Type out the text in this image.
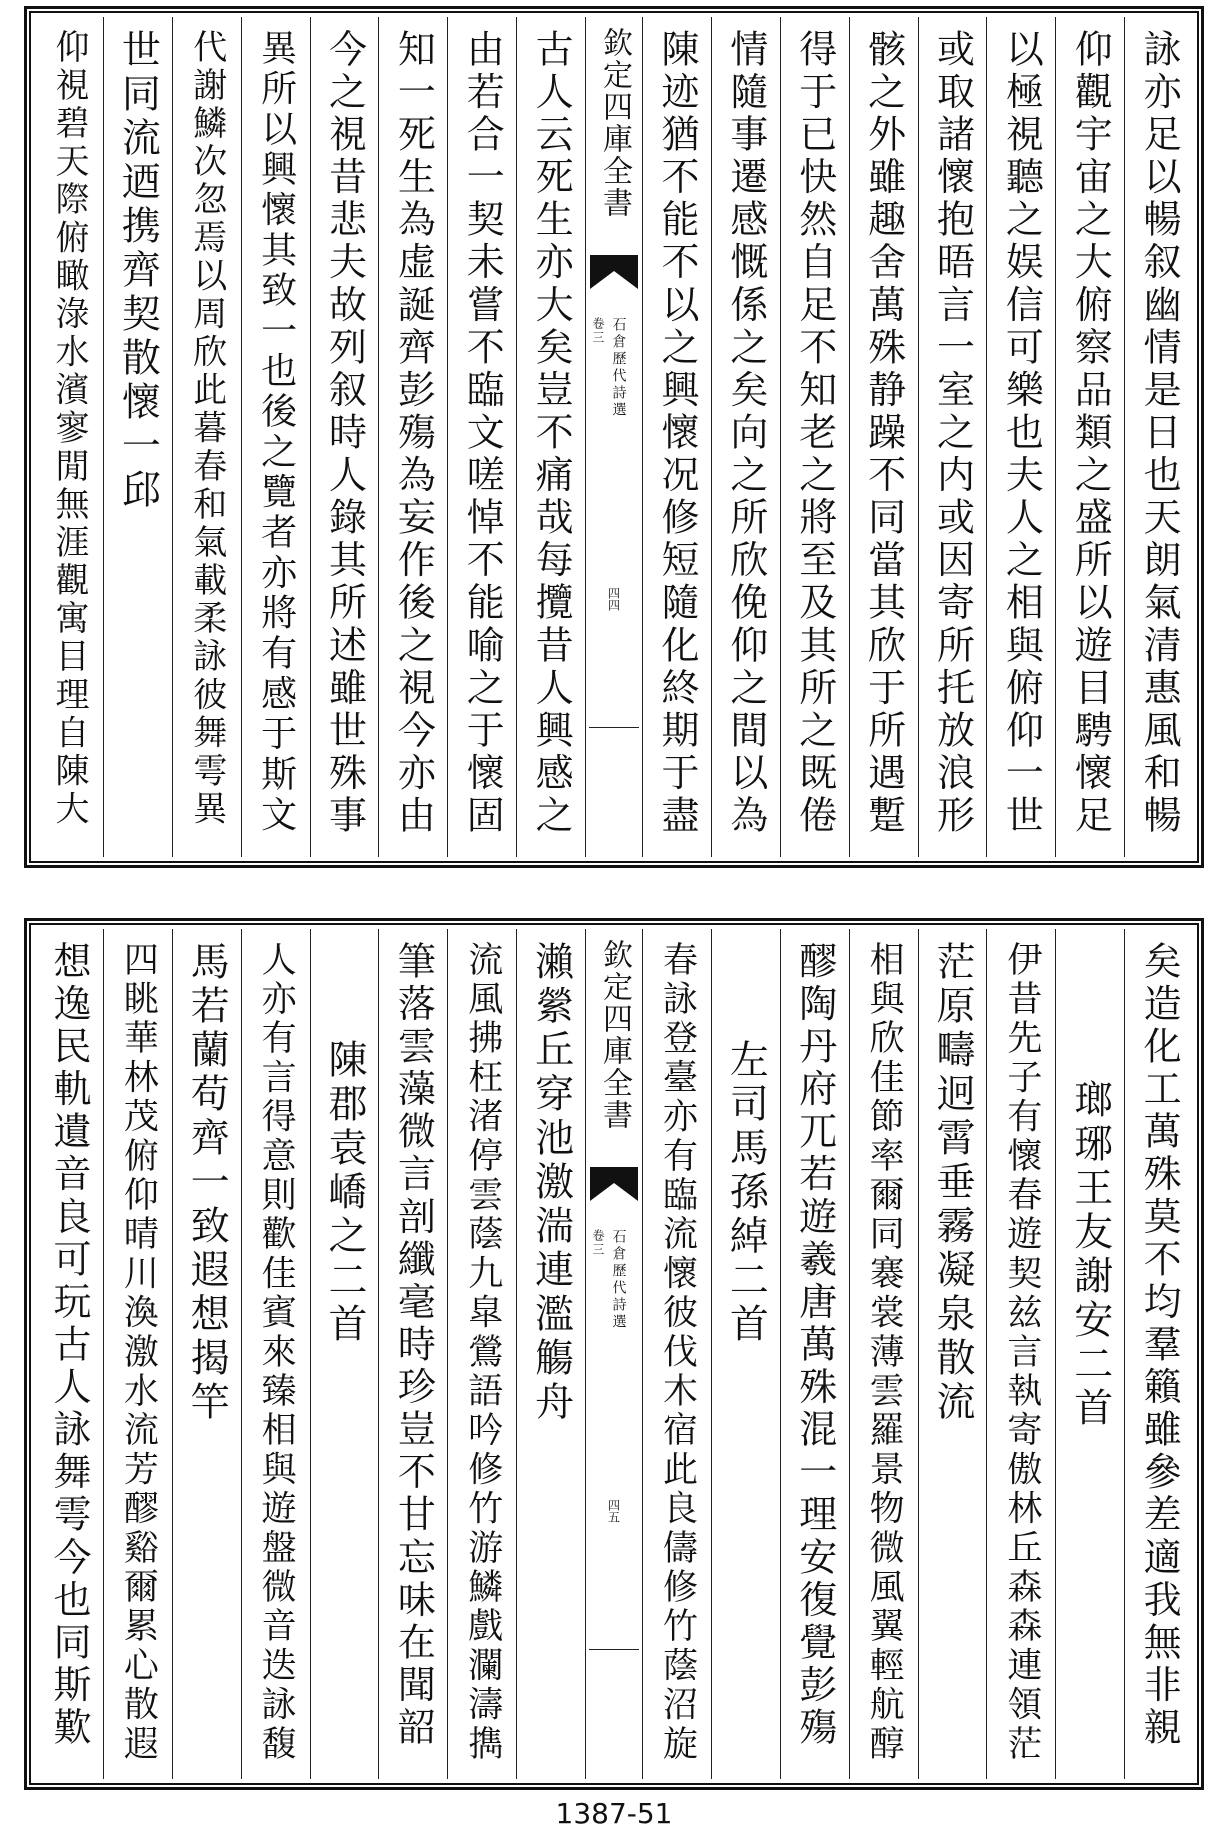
詠亦足以暢叙幽情是日也天朗氣清惠風和暢
仰觀宇宙之大俯察品類之盛所以遊目騁懷足
以極視聽之娱信可樂也夫人之相與俯仰一世
或取諸懷抱晤言一室之内或因寄所托放浪形
骸之外雖趣舍萬殊静躁不同當其欣于所遇蹔
得于已快然自足不知老之將至及其所之既倦
情隨事遷感慨係之矣向之所欣俛仰之間以為
陳迹猶不能不以之興懷况修短隨化終期于盡
欽定四庫全書
石倉歷代詩選
卷三
四四
古人云死生亦大矣豈不痛哉每攬昔人興感之
由若合一契未嘗不臨文嗟悼不能喻之于懷固
知一死生為虚誕齊彭殤為妄作後之視今亦由
今之視昔悲夫故列叙時人錄其所述雖世殊事
異所以興懷其致一也後之覽者亦將有感于斯文
代謝鱗次忽焉以周欣此暮春和氣載柔詠彼舞雩異
世同流迺携齊契散懷一邱
仰視碧天際俯瞰淥水濱寥閒無涯觀寓目理自陳大
矣造化工萬殊莫不均羣籟雖參差適我無非親
瑯琊王友謝安二首
伊昔先子有懷春遊契兹言執寄傲林丘森森連領茫
茫原疇迥霄垂霧凝泉散流
相與欣佳節率爾同褰裳薄雲羅景物微風翼輕航醇
醪陶丹府兀若遊羲唐萬殊混一理安復覺彭殤
左司馬孫綽二首
春詠登臺亦有臨流懷彼伐木宿此良儔修竹蔭沼旋
欽定四庫全書
石倉歷代詩選
卷三
四五
瀨縈丘穿池激湍連濫觴舟
流風拂枉渚停雲蔭九皐鶯語吟修竹游鱗戲瀾濤擕
筆落雲藻微言剖纖毫時珍豈不甘忘味在聞韶
陳郡袁嶠之二首
人亦有言得意則歡佳賓來臻相與遊盤微音迭詠馥
馬若蘭苟齊一致遐想揭竿
四眺華林茂俯仰晴川渙激水流芳醪谿爾累心散遐
想逸民軌遺音良可玩古人詠舞雩今也同斯歎
1387-51
